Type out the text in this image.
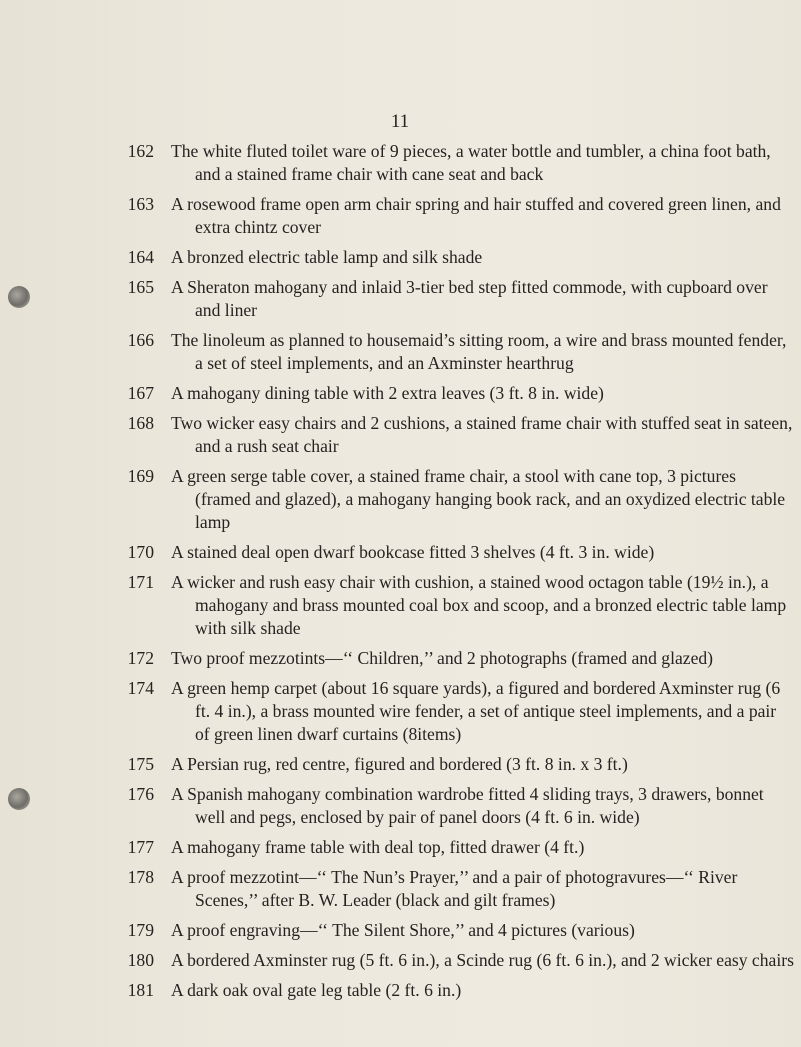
11
162 The white fluted toilet ware of 9 pieces, a water bottle and tumbler, a china foot bath, and a stained frame chair with cane seat and back

163 A rosewood frame open arm chair spring and hair stuffed and covered green linen, and extra chintz cover

164 A bronzed electric table lamp and silk shade

165 A Sheraton mahogany and inlaid 3-tier bed step fitted commode, with cupboard over and liner

166 The linoleum as planned to housemaid’s sitting room, a wire and brass mounted fender, a set of steel implements, and an Axminster hearthrug

167 A mahogany dining table with 2 extra leaves (3 ft. 8 in. wide)

168 Two wicker easy chairs and 2 cushions, a stained frame chair with stuffed seat in sateen, and a rush seat chair

169 A green serge table cover, a stained frame chair, a stool with cane top, 3 pictures (framed and glazed), a mahogany hanging book rack, and an oxydized electric table lamp

170 A stained deal open dwarf bookcase fitted 3 shelves (4 ft. 3 in. wide)

171 A wicker and rush easy chair with cushion, a stained wood octagon table (19½ in.), a mahogany and brass mounted coal box and scoop, and a bronzed electric table lamp with silk shade

172 Two proof mezzotints—‘‘ Children,’’ and 2 photographs (framed and glazed)

174 A green hemp carpet (about 16 square yards), a figured and bordered Axminster rug (6 ft. 4 in.), a brass mounted wire fender, a set of antique steel implements, and a pair of green linen dwarf curtains (8items)

175 A Persian rug, red centre, figured and bordered (3 ft. 8 in. x 3 ft.)

176 A Spanish mahogany combination wardrobe fitted 4 sliding trays, 3 drawers, bonnet well and pegs, enclosed by pair of panel doors (4 ft. 6 in. wide)

177 A mahogany frame table with deal top, fitted drawer (4 ft.)

178 A proof mezzotint—‘‘ The Nun’s Prayer,’’ and a pair of photogravures—‘‘ River Scenes,’’ after B. W. Leader (black and gilt frames)

179 A proof engraving—‘‘ The Silent Shore,’’ and 4 pictures (various)

180 A bordered Axminster rug (5 ft. 6 in.), a Scinde rug (6 ft. 6 in.), and 2 wicker easy chairs

181 A dark oak oval gate leg table (2 ft. 6 in.)
